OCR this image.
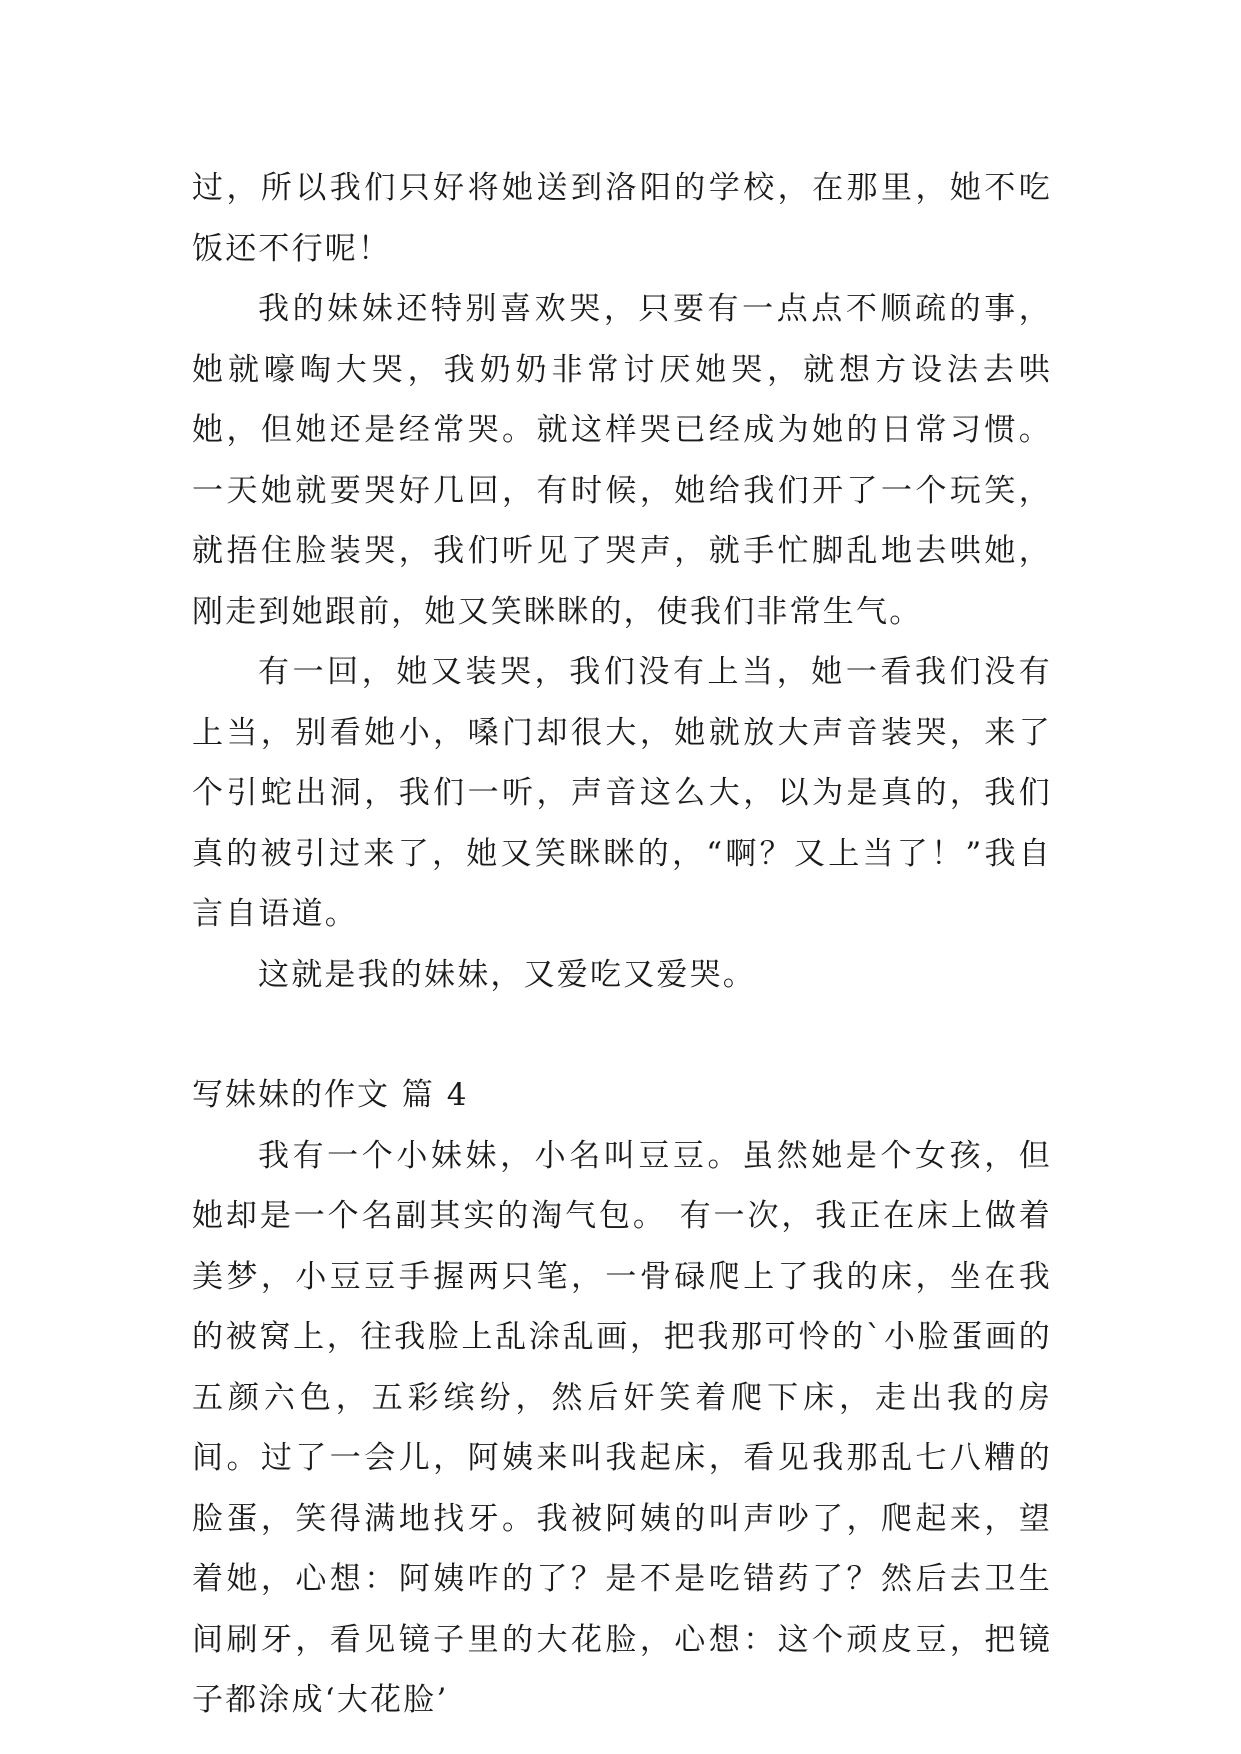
过，所以我们只好将她送到洛阳的学校，在那里，她不吃饭还不行呢！

我的妹妹还特别喜欢哭，只要有一点点不顺疏的事，她就嚎啕大哭，我奶奶非常讨厌她哭，就想方设法去哄她，但她还是经常哭。就这样哭已经成为她的日常习惯。一天她就要哭好几回，有时候，她给我们开了一个玩笑，就捂住脸装哭，我们听见了哭声，就手忙脚乱地去哄她，刚走到她跟前，她又笑眯眯的，使我们非常生气。

有一回，她又装哭，我们没有上当，她一看我们没有上当，别看她小，嗓门却很大，她就放大声音装哭，来了个引蛇出洞，我们一听，声音这么大，以为是真的，我们真的被引过来了，她又笑眯眯的，“啊？又上当了！”我自言自语道。

这就是我的妹妹，又爱吃又爱哭。

写妹妹的作文 篇 4

我有一个小妹妹，小名叫豆豆。虽然她是个女孩，但她却是一个名副其实的淘气包。 有一次，我正在床上做着美梦，小豆豆手握两只笔，一骨碌爬上了我的床，坐在我的被窝上，往我脸上乱涂乱画，把我那可怜的`小脸蛋画的五颜六色，五彩缤纷，然后奸笑着爬下床，走出我的房间。过了一会儿，阿姨来叫我起床，看见我那乱七八糟的脸蛋，笑得满地找牙。我被阿姨的叫声吵了，爬起来，望着她，心想：阿姨咋的了？是不是吃错药了？然后去卫生间刷牙，看见镜子里的大花脸，心想：这个顽皮豆，把镜子都涂成‘大花脸’
